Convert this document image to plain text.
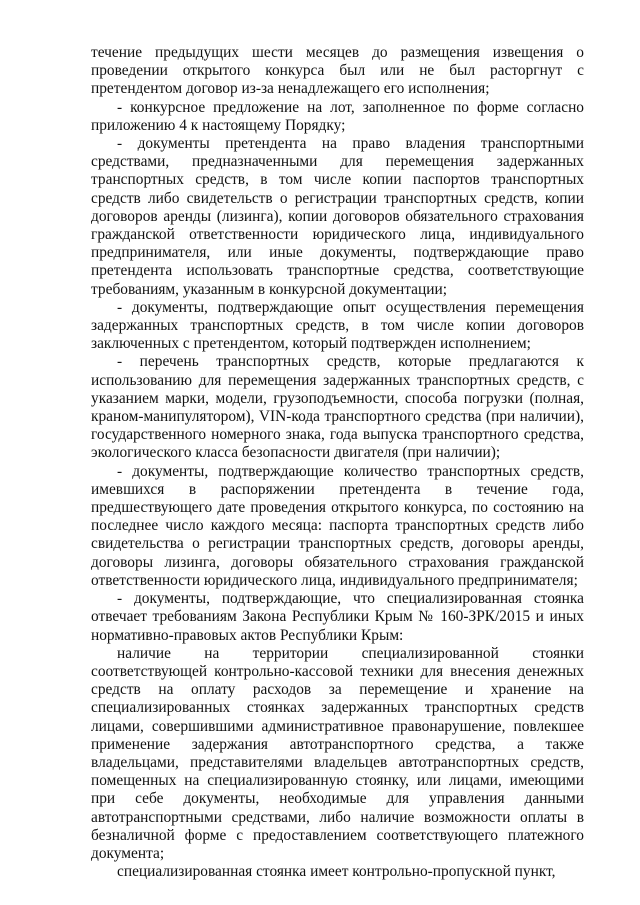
течение предыдущих шести месяцев до размещения извещения о проведении открытого конкурса был или не был расторгнут с претендентом договор из-за ненадлежащего его исполнения;

- конкурсное предложение на лот, заполненное по форме согласно приложению 4 к настоящему Порядку;

- документы претендента на право владения транспортными средствами, предназначенными для перемещения задержанных транспортных средств, в том числе копии паспортов транспортных средств либо свидетельств о регистрации транспортных средств, копии договоров аренды (лизинга), копии договоров обязательного страхования гражданской ответственности юридического лица, индивидуального предпринимателя, или иные документы, подтверждающие право претендента использовать транспортные средства, соответствующие требованиям, указанным в конкурсной документации;

- документы, подтверждающие опыт осуществления перемещения задержанных транспортных средств, в том числе копии договоров заключенных с претендентом, который подтвержден исполнением;

- перечень транспортных средств, которые предлагаются к использованию для перемещения задержанных транспортных средств, с указанием марки, модели, грузоподъемности, способа погрузки (полная, краном-манипулятором), VIN-кода транспортного средства (при наличии), государственного номерного знака, года выпуска транспортного средства, экологического класса безопасности двигателя (при наличии);

- документы, подтверждающие количество транспортных средств, имевшихся в распоряжении претендента в течение года, предшествующего дате проведения открытого конкурса, по состоянию на последнее число каждого месяца: паспорта транспортных средств либо свидетельства о регистрации транспортных средств, договоры аренды, договоры лизинга, договоры обязательного страхования гражданской ответственности юридического лица, индивидуального предпринимателя;

- документы, подтверждающие, что специализированная стоянка отвечает требованиям Закона Республики Крым № 160-ЗРК/2015 и иных нормативно-правовых актов Республики Крым:

наличие на территории специализированной стоянки соответствующей контрольно-кассовой техники для внесения денежных средств на оплату расходов за перемещение и хранение на специализированных стоянках задержанных транспортных средств лицами, совершившими административное правонарушение, повлекшее применение задержания автотранспортного средства, а также владельцами, представителями владельцев автотранспортных средств, помещенных на специализированную стоянку, или лицами, имеющими при себе документы, необходимые для управления данными автотранспортными средствами, либо наличие возможности оплаты в безналичной форме с предоставлением соответствующего платежного документа;

специализированная стоянка имеет контрольно-пропускной пункт,
